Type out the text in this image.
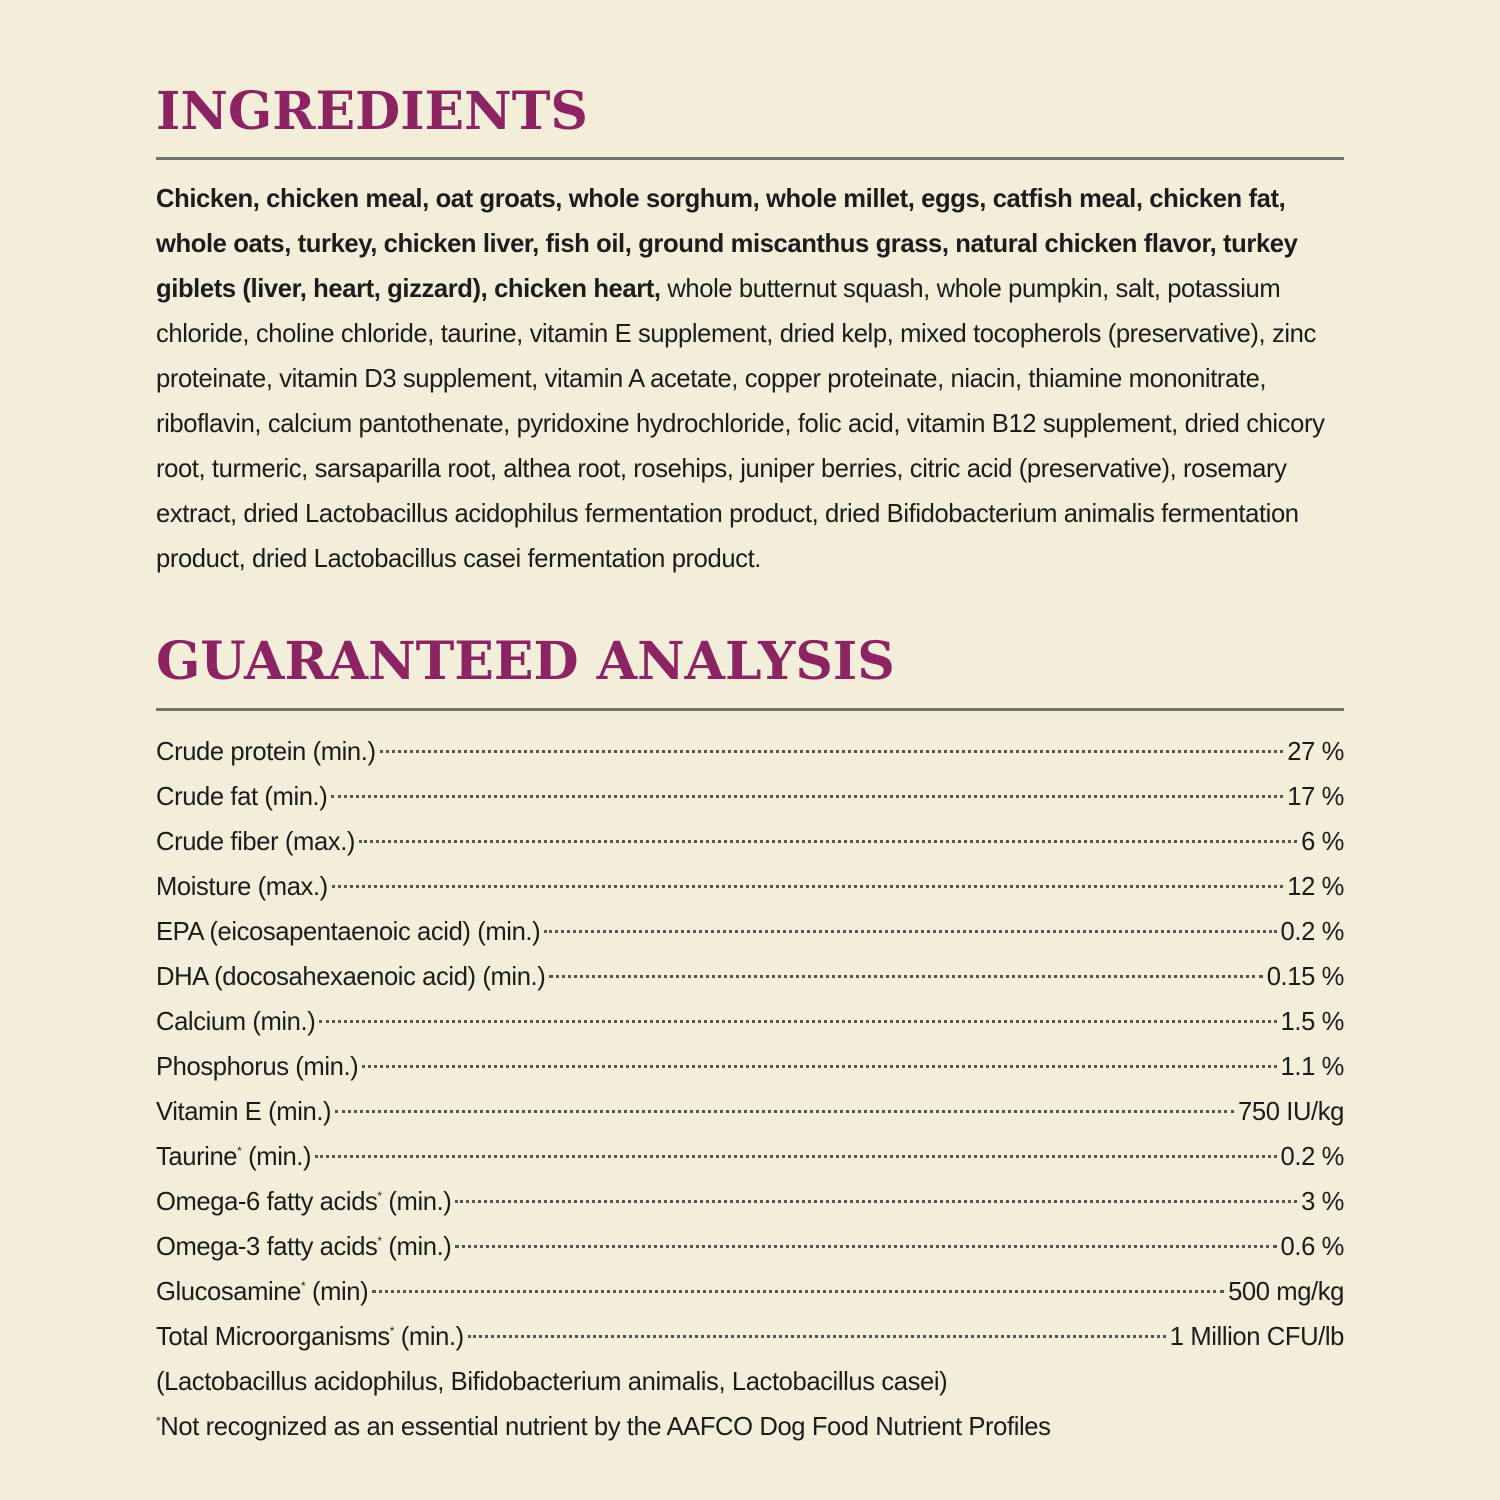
INGREDIENTS

Chicken, chicken meal, oat groats, whole sorghum, whole millet, eggs, catfish meal, chicken fat, whole oats, turkey, chicken liver, fish oil, ground miscanthus grass, natural chicken flavor, turkey giblets (liver, heart, gizzard), chicken heart, whole butternut squash, whole pumpkin, salt, potassium chloride, choline chloride, taurine, vitamin E supplement, dried kelp, mixed tocopherols (preservative), zinc proteinate, vitamin D3 supplement, vitamin A acetate, copper proteinate, niacin, thiamine mononitrate, riboflavin, calcium pantothenate, pyridoxine hydrochloride, folic acid, vitamin B12 supplement, dried chicory root, turmeric, sarsaparilla root, althea root, rosehips, juniper berries, citric acid (preservative), rosemary extract, dried Lactobacillus acidophilus fermentation product, dried Bifidobacterium animalis fermentation product, dried Lactobacillus casei fermentation product.

GUARANTEED ANALYSIS
Crude protein (min.)	27 %
Crude fat (min.)	17 %
Crude fiber (max.)	6 %
Moisture (max.)	12 %
EPA (eicosapentaenoic acid) (min.)	0.2 %
DHA (docosahexaenoic acid) (min.)	0.15 %
Calcium (min.)	1.5 %
Phosphorus (min.)	1.1 %
Vitamin E (min.)	750 IU/kg
Taurine* (min.)	0.2 %
Omega-6 fatty acids* (min.)	3 %
Omega-3 fatty acids* (min.)	0.6 %
Glucosamine* (min)	500 mg/kg
Total Microorganisms* (min.)	1 Million CFU/lb
(Lactobacillus acidophilus, Bifidobacterium animalis, Lactobacillus casei)
*Not recognized as an essential nutrient by the AAFCO Dog Food Nutrient Profiles
